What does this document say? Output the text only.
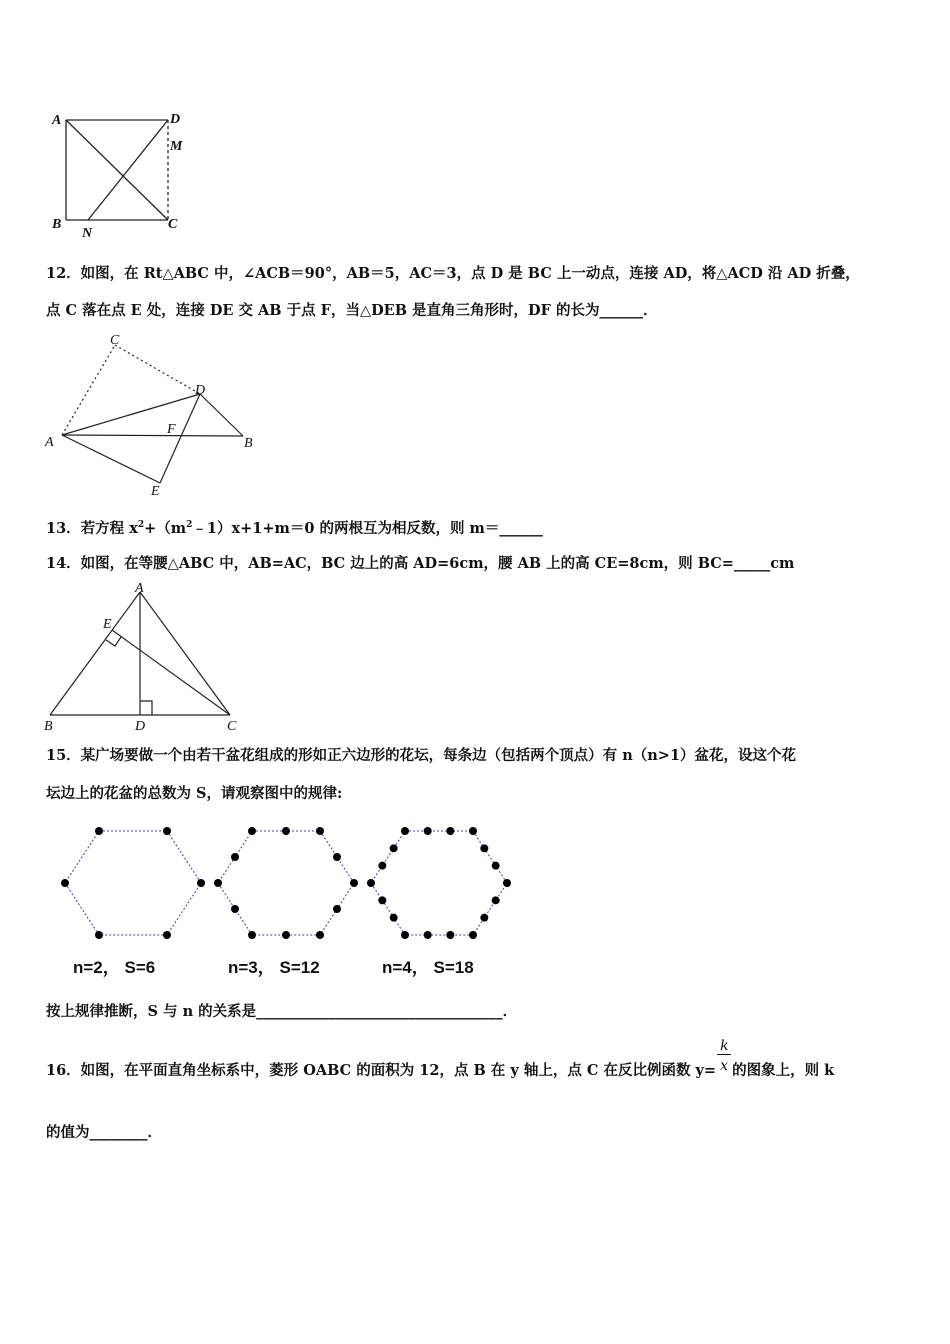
A	D
M
B
N
C
12．如图，在 Rt△ABC 中，∠ACB＝90°，AB＝5，AC＝3，点 D 是 BC 上一动点，连接 AD，将△ACD 沿 AD 折叠，
点 C 落在点 E 处，连接 DE 交 AB 于点 F，当△DEB 是直角三角形时，DF 的长为______．
C
D
A
F
B
E
13．若方程 $x^2+(m^2﹣1)x+1+m=0$ 的两根互为相反数，则 m＝______
14．如图，在等腰△ABC 中，AB=AC，BC 边上的高 AD=6cm，腰 AB 上的高 CE=8cm，则 BC=_____cm
A
E
B	D	C
15．某广场要做一个由若干盆花组成的形如正六边形的花坛，每条边（包括两个顶点）有 n（n>1）盆花，设这个花
坛边上的花盆的总数为 S，请观察图中的规律:
n=2， S=6	n=3， S=12	n=4， S=18
按上规律推断，S 与 n 的关系是__________________________________．
16．如图，在平面直角坐标系中，菱形 OABC 的面积为 12，点 B 在 y 轴上，点 C 在反比例函数 $y= \frac{k}{x}$ 的图象上，则 k
的值为________．
